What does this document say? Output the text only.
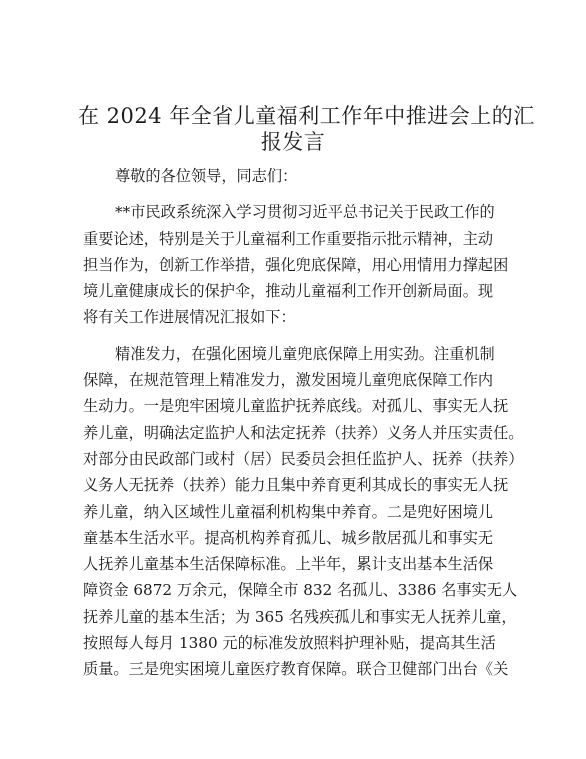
在 2024 年全省儿童福利工作年中推进会上的汇
报发言
尊敬的各位领导，同志们：
**市民政系统深入学习贯彻习近平总书记关于民政工作的
重要论述，特别是关于儿童福利工作重要指示批示精神，主动
担当作为，创新工作举措，强化兜底保障，用心用情用力撑起困
境儿童健康成长的保护伞，推动儿童福利工作开创新局面。现
将有关工作进展情况汇报如下：
精准发力，在强化困境儿童兜底保障上用实劲。注重机制
保障，在规范管理上精准发力，激发困境儿童兜底保障工作内
生动力。一是兜牢困境儿童监护抚养底线。对孤儿、事实无人抚
养儿童，明确法定监护人和法定抚养（扶养）义务人并压实责任。
对部分由民政部门或村（居）民委员会担任监护人、抚养（扶养）
义务人无抚养（扶养）能力且集中养育更利其成长的事实无人抚
养儿童，纳入区域性儿童福利机构集中养育。二是兜好困境儿
童基本生活水平。提高机构养育孤儿、城乡散居孤儿和事实无
人抚养儿童基本生活保障标准。上半年，累计支出基本生活保
障资金 6872 万余元，保障全市 832 名孤儿、3386 名事实无人
抚养儿童的基本生活；为 365 名残疾孤儿和事实无人抚养儿童，
按照每人每月 1380 元的标准发放照料护理补贴，提高其生活
质量。三是兜实困境儿童医疗教育保障。联合卫健部门出台《关
